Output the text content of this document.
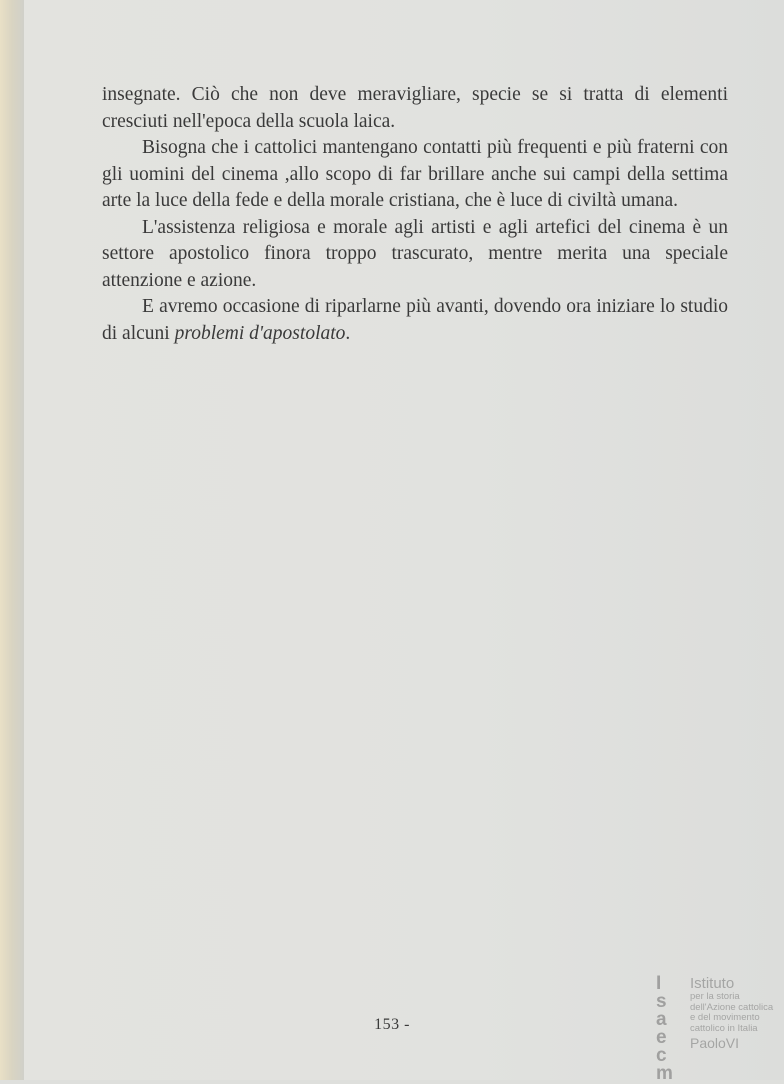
insegnate. Ciò che non deve meravigliare, specie se si tratta di elementi cresciuti nell'epoca della scuola laica.

Bisogna che i cattolici mantengano contatti più frequenti e più fraterni con gli uomini del cinema ,allo scopo di far brillare anche sui campi della settima arte la luce della fede e della morale cristiana, che è luce di civiltà umana.

L'assistenza religiosa e morale agli artisti e agli artefici del cinema è un settore apostolico finora troppo trascurato, mentre merita una speciale attenzione e azione.

E avremo occasione di riparlarne più avanti, dovendo ora iniziare lo studio di alcuni problemi d'apostolato.

153 -
I
s
a
e
c
m
Istituto
per la storia
dell'Azione cattolica
e del movimento
cattolico in Italia
PaoloVI
